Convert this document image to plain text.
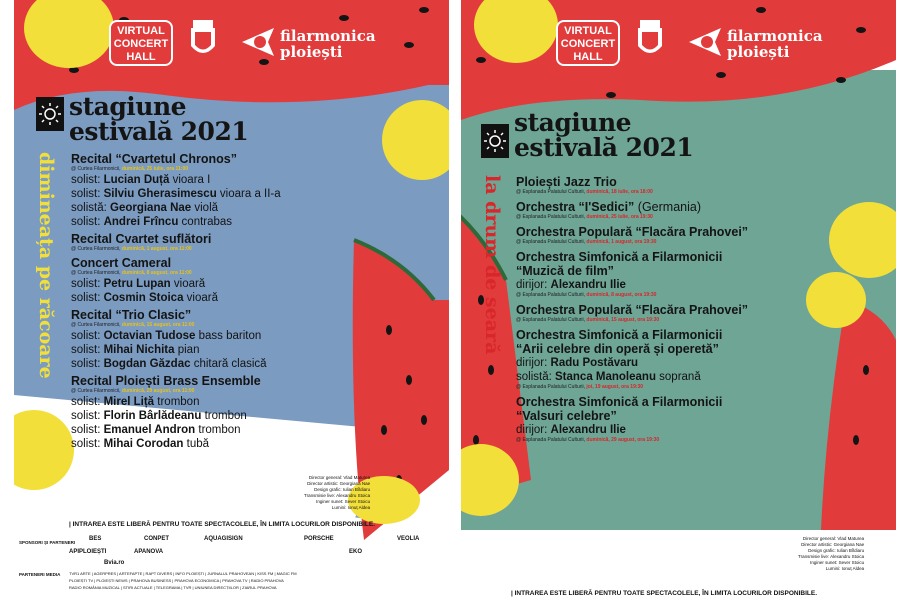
VIRTUAL
CONCERT
HALL
filarmonica
ploiești
stagiune
estivală 2021
dimineața pe răcoare Recital “Cvartetul Chronos”
@ Curtea Filarmonicii, duminică, 25 iulie, ora 11:00
solist: Lucian Duță vioara I
solist: Silviu Gherasimescu vioara a II-a
solistă: Georgiana Nae violă
solist: Andrei Frîncu contrabas
Recital Cvartet suflători
@ Curtea Filarmonicii, duminică, 1 august, ora 11:00
Concert Cameral
@ Curtea Filarmonicii, duminică, 8 august, ora 11:00
solist: Petru Lupan vioară
solist: Cosmin Stoica vioară
Recital “Trio Clasic”
@ Curtea Filarmonicii, duminică, 15 august, ora 11:00
solist: Octavian Tudose bass bariton
solist: Mihai Nichita pian
solist: Bogdan Găzdac chitară clasică
Recital Ploiești Brass Ensemble
@ Curtea Filarmonicii, duminică, 29 august, ora 11:00
solist: Mirel Liță trombon
solist: Florin Bârlădeanu trombon
solist: Emanuel Andron trombon
solist: Mihai Corodan tubă
Director general: Vlad Maturea
Director artistic: Georgiana Nae
Design grafic: Iulian Bîldiaru
Transmisie live: Alexandru Stoica
Inginer sunet: Sever Stoicu
Lumini: Ionuț Aldea
| INTRAREA ESTE LIBERĂ PENTRU TOATE SPECTACOLELE, ÎN LIMITA LOCURILOR DISPONIBILE.
SPONSORI ȘI PARTENERI
PARTENERI MEDIA
BES	CONPET	AQUAGISIGN	PORSCHE	VEOLIA
APIPLOIEȘTI	APANOVA	EKO
Bvia.ro
TVR1 ARTE | AGERPRES | ARTEFAPTE | RAPT DIVERS | INFO PLOIEȘTI | JURNALUL PRAHOVEAN | KISS FM | MAGIC FM
PLOIEȘTI TV | PLOIEȘTI NEWS | PRAHOVA BUSINESS | PRAHOVA ECONOMICA | PRAHOVA TV | RADIO PRAHOVA
RADIO ROMÂNIA MUZICAL | STIRI ACTUALE | TELEGRAMA | TVR | UNIUNEA DIRECȚIILOR | ZIARUL PRAHOVA
VIRTUAL
CONCERT
HALL
filarmonica
ploiești
stagiune
estivală 2021
la drum de seară Ploiești Jazz Trio
@ Esplanada Palatului Culturii, duminică, 18 iulie, ora 18:00
Orchestra “I'Sedici” (Germania)
@ Esplanada Palatului Culturii, duminică, 25 iulie, ora 19:30
Orchestra Populară “Flacăra Prahovei”
@ Esplanada Palatului Culturii, duminică, 1 august, ora 19:30
Orchestra Simfonică a Filarmonicii
“Muzică de film”
dirijor: Alexandru Ilie
@ Esplanada Palatului Culturii, duminică, 8 august, ora 19:30
Orchestra Populară “Flacăra Prahovei”
@ Esplanada Palatului Culturii, duminică, 15 august, ora 19:30
Orchestra Simfonică a Filarmonicii
“Arii celebre din operă și operetă”
dirijor: Radu Postăvaru
solistă: Stanca Manoleanu soprană
@ Esplanada Palatului Culturii, joi, 19 august, ora 19:30
Orchestra Simfonică a Filarmonicii
“Valsuri celebre”
dirijor: Alexandru Ilie
@ Esplanada Palatului Culturii, duminică, 29 august, ora 19:30
Director general: Vlad Maturea
Director artistic: Georgiana Nae
Design grafic: Iulian Bîldiaru
Transmisie live: Alexandru Stoica
Inginer sunet: Sever Stoicu
Lumini: Ionuț Aldea
| INTRAREA ESTE LIBERĂ PENTRU TOATE SPECTACOLELE, ÎN LIMITA LOCURILOR DISPONIBILE.
